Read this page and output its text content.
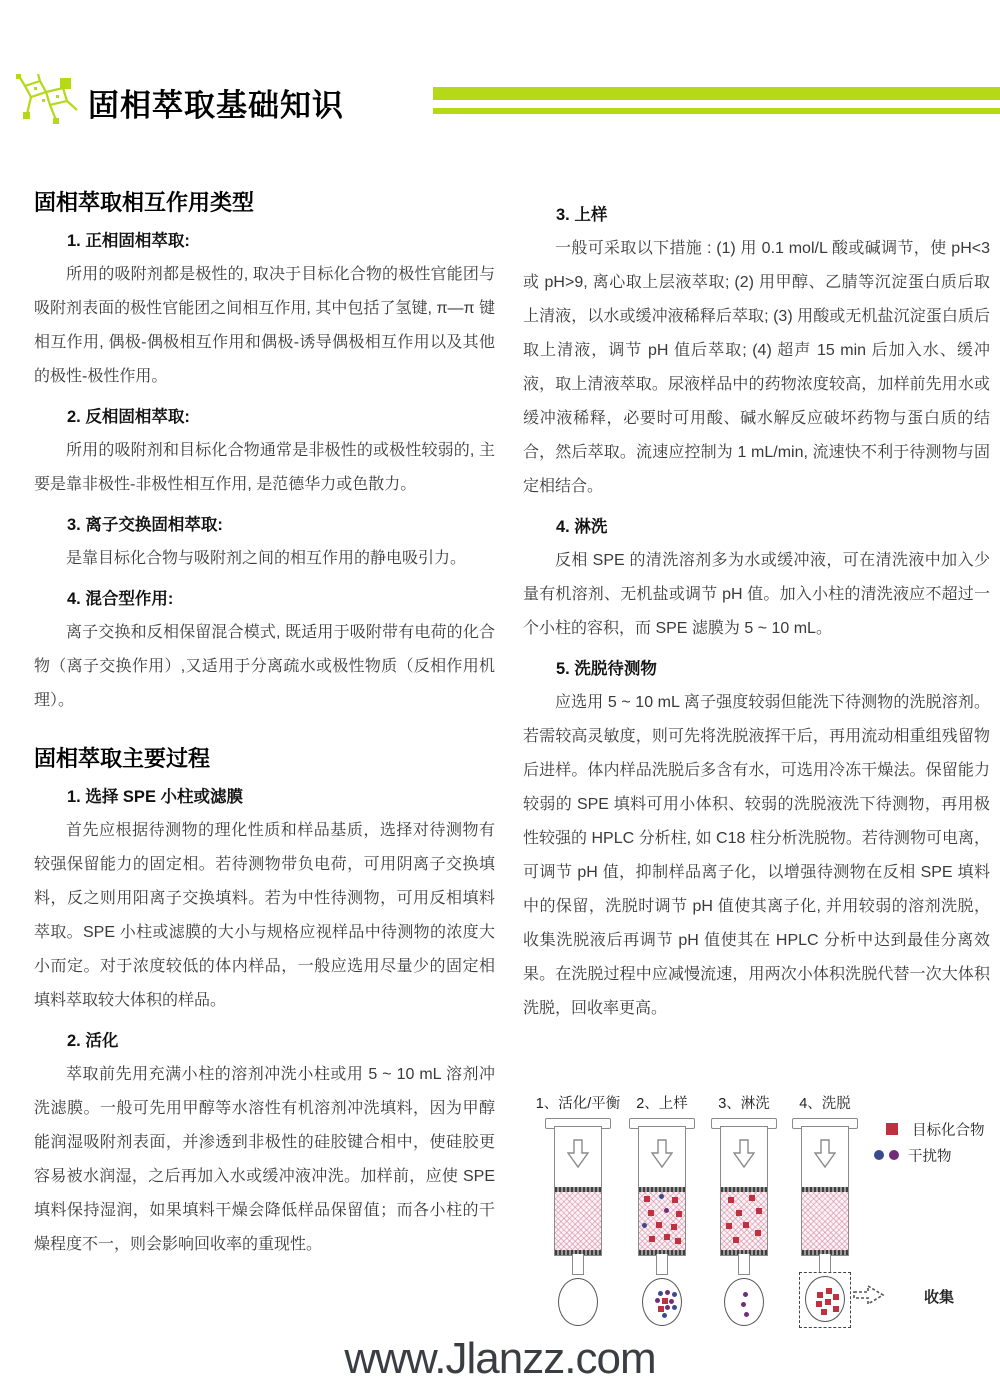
固相萃取基础知识
固相萃取相互作用类型
1. 正相固相萃取:

所用的吸附剂都是极性的, 取决于目标化合物的极性官能团与吸附剂表面的极性官能团之间相互作用, 其中包括了氢键, π—π 键相互作用, 偶极-偶极相互作用和偶极-诱导偶极相互作用以及其他的极性-极性作用。

2. 反相固相萃取:

所用的吸附剂和目标化合物通常是非极性的或极性较弱的, 主要是靠非极性-非极性相互作用, 是范德华力或色散力。

3. 离子交换固相萃取:

是靠目标化合物与吸附剂之间的相互作用的静电吸引力。

4. 混合型作用:

离子交换和反相保留混合模式, 既适用于吸附带有电荷的化合物（离子交换作用）,又适用于分离疏水或极性物质（反相作用机理）。

固相萃取主要过程
1. 选择 SPE 小柱或滤膜

首先应根据待测物的理化性质和样品基质，选择对待测物有较强保留能力的固定相。若待测物带负电荷，可用阴离子交换填料，反之则用阳离子交换填料。若为中性待测物，可用反相填料萃取。SPE 小柱或滤膜的大小与规格应视样品中待测物的浓度大小而定。对于浓度较低的体内样品，一般应选用尽量少的固定相填料萃取较大体积的样品。

2. 活化

萃取前先用充满小柱的溶剂冲洗小柱或用 5 ~ 10 mL 溶剂冲洗滤膜。一般可先用甲醇等水溶性有机溶剂冲洗填料，因为甲醇能润湿吸附剂表面，并渗透到非极性的硅胶键合相中，使硅胶更容易被水润湿，之后再加入水或缓冲液冲洗。加样前，应使 SPE 填料保持湿润，如果填料干燥会降低样品保留值；而各小柱的干燥程度不一，则会影响回收率的重现性。

3. 上样

一般可采取以下措施 : (1) 用 0.1 mol/L 酸或碱调节，使 pH<3 或 pH>9, 离心取上层液萃取; (2) 用甲醇、乙腈等沉淀蛋白质后取上清液，以水或缓冲液稀释后萃取; (3) 用酸或无机盐沉淀蛋白质后取上清液，调节 pH 值后萃取; (4) 超声 15 min 后加入水、缓冲液，取上清液萃取。尿液样品中的药物浓度较高，加样前先用水或缓冲液稀释，必要时可用酸、碱水解反应破坏药物与蛋白质的结合，然后萃取。流速应控制为 1 mL/min, 流速快不利于待测物与固定相结合。

4. 淋洗

反相 SPE 的清洗溶剂多为水或缓冲液，可在清洗液中加入少量有机溶剂、无机盐或调节 pH 值。加入小柱的清洗液应不超过一个小柱的容积，而 SPE 滤膜为 5 ~ 10 mL。

5. 洗脱待测物

应选用 5 ~ 10 mL 离子强度较弱但能洗下待测物的洗脱溶剂。若需较高灵敏度，则可先将洗脱液挥干后，再用流动相重组残留物后进样。体内样品洗脱后多含有水，可选用冷冻干燥法。保留能力较弱的 SPE 填料可用小体积、较弱的洗脱液洗下待测物，再用极性较强的 HPLC 分析柱, 如 C18 柱分析洗脱物。若待测物可电离，可调节 pH 值，抑制样品离子化，以增强待测物在反相 SPE 填料中的保留，洗脱时调节 pH 值使其离子化, 并用较弱的溶剂洗脱，收集洗脱液后再调节 pH 值使其在 HPLC 分析中达到最佳分离效果。在洗脱过程中应减慢流速，用两次小体积洗脱代替一次大体积洗脱，回收率更高。

1、活化/平衡	2、上样	3、淋洗	4、洗脱
目标化合物
干扰物
收集
www.Jlanzz.com
